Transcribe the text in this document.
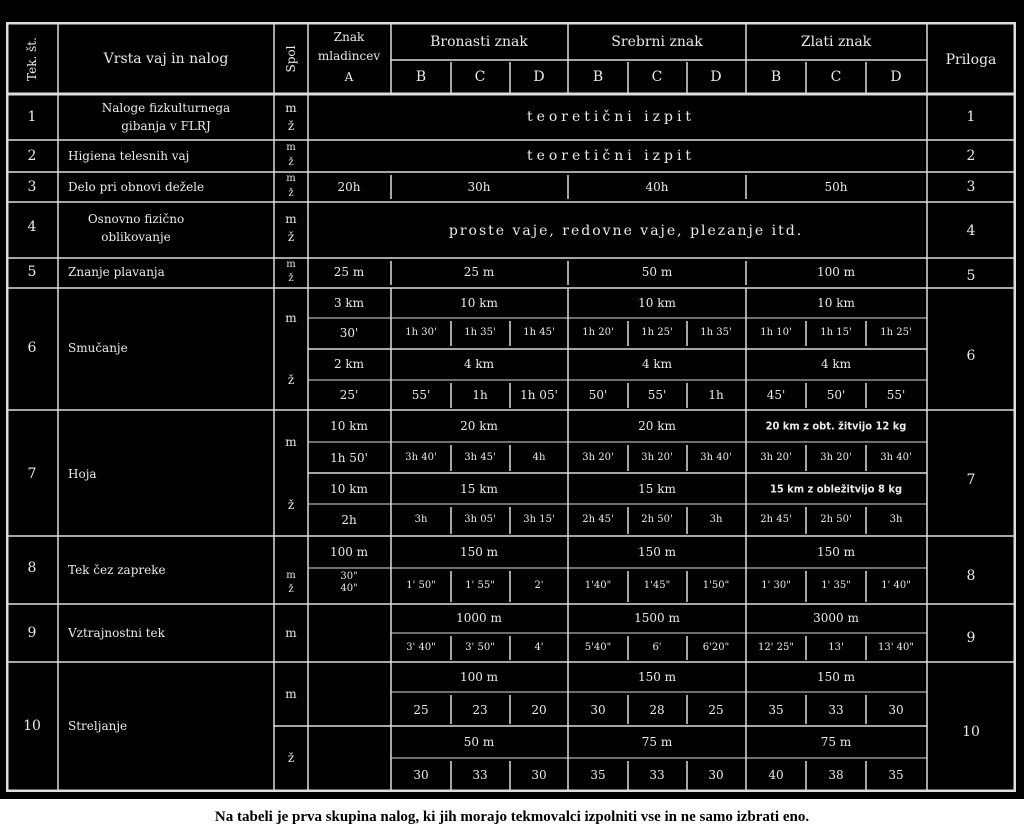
Tek. št.	Vrsta vaj in nalog	Spol
Znak
mladincev
A
Bronasti znak	Srebrni znak	Zlati znak
Priloga
B	C	D	B	C	D	B	C	D
1
Naloge fizkulturnega
gibanja v FLRJ
m
ž
teoretični izpit	1
2	Higiena telesnih vaj
m
ž	teoretični izpit	2
3	Delo pri obnovi dežele
m
ž	20h	30h	40h	50h	3
4	Osnovno fizično
oblikovanje
m
ž	proste vaje, redovne vaje, plezanje itd.	4
5	Znanje plavanja
m
ž	25 m	25 m	50 m	100 m	5
6	Smučanje
m
ž
6
3 km	10 km	10 km	10 km
30'	1h 30'	1h 35'	1h 45'	1h 20'	1h 25'	1h 35'	1h 10'	1h 15'	1h 25'
2 km	4 km	4 km	4 km
25'	55'	1h	1h 05'	50'	55'	1h	45'	50'	55'
7	Hoja
m
ž
7
10 km	20 km	20 km	20 km z obt. žitvijo 12 kg
1h 50'	3h 40'	3h 45'	4h	3h 20'	3h 20'	3h 40'	3h 20'	3h 20'	3h 40'
10 km	15 km	15 km	15 km z obležitvijo 8 kg
2h	3h	3h 05'	3h 15'	2h 45'	2h 50'	3h	2h 45'	2h 50'	3h
8	Tek čez zapreke	m
ž
8
100 m
30"
40"
150 m	150 m	150 m
1' 50"	1' 55"	2'	1'40"	1'45"	1'50"	1' 30"	1' 35"	1' 40"
9	Vztrajnostni tek	m	9
1000 m	1500 m	3000 m
3' 40"	3' 50"	4'	5'40"	6'	6'20"	12' 25"	13'	13' 40"
10 Streljanje
m
ž
10
100 m	150 m	150 m
25	23	20	30	28	25	35	33	30
50 m	75 m	75 m
30	33	30	35	33	30	40	38	35
Na tabeli je prva skupina nalog, ki jih morajo tekmovalci izpolniti vse in ne samo izbrati eno.
